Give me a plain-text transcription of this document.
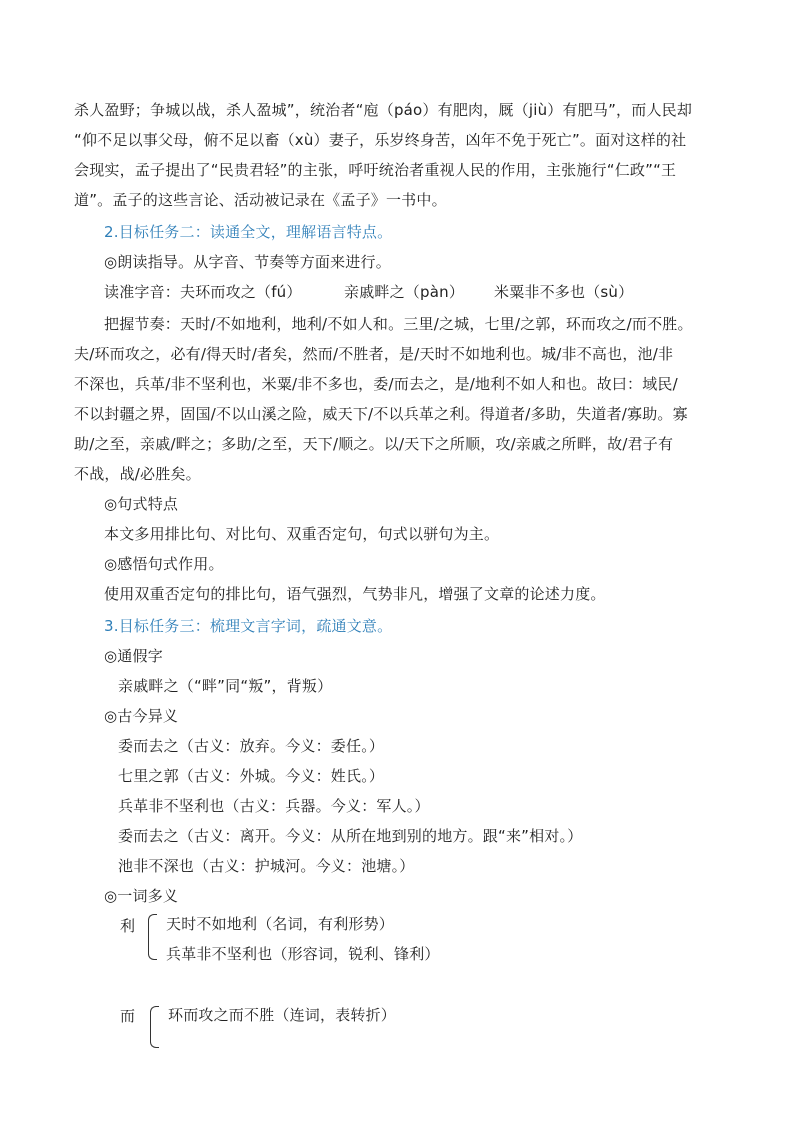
杀人盈野；争城以战，杀人盈城”，统治者“庖（páo）有肥肉，厩（jiù）有肥马”，而人民却
“仰不足以事父母，俯不足以畜（xù）妻子，乐岁终身苦，凶年不免于死亡”。面对这样的社
会现实，孟子提出了“民贵君轻”的主张，呼吁统治者重视人民的作用，主张施行“仁政”“王
道”。孟子的这些言论、活动被记录在《孟子》一书中。
2.目标任务二：读通全文，理解语言特点。
◎朗读指导。从字音、节奏等方面来进行。
读准字音： 夫环而攻之（fú）	亲戚畔之（pàn）	米粟非不多也（sù）
把握节奏：天时/不如地利，地利/不如人和。三里/之城，七里/之郭，环而攻之/而不胜。
夫/环而攻之，必有/得天时/者矣，然而/不胜者，是/天时不如地利也。城/非不高也，池/非
不深也，兵革/非不坚利也，米粟/非不多也，委/而去之，是/地利不如人和也。故曰：域民/
不以封疆之界，固国/不以山溪之险，威天下/不以兵革之利。得道者/多助，失道者/寡助。寡
助/之至，亲戚/畔之；多助/之至，天下/顺之。以/天下之所顺，攻/亲戚之所畔，故/君子有
不战，战/必胜矣。
◎句式特点
本文多用排比句、对比句、双重否定句，句式以骈句为主。
◎感悟句式作用。
使用双重否定句的排比句，语气强烈，气势非凡，增强了文章的论述力度。
3.目标任务三：梳理文言字词，疏通文意。
◎通假字
亲戚畔之（“畔”同“叛”，背叛）
◎古今异义
委而去之（古义：放弃。今义：委任。）
七里之郭（古义：外城。今义：姓氏。）
兵革非不坚利也（古义：兵器。今义：军人。）
委而去之（古义：离开。今义：从所在地到别的地方。跟“来”相对。）
池非不深也（古义：护城河。今义：池塘。）
◎一词多义
利 天时不如地利（名词，有利形势）
兵革非不坚利也（形容词，锐利、锋利）
而 环而攻之而不胜（连词，表转折）
